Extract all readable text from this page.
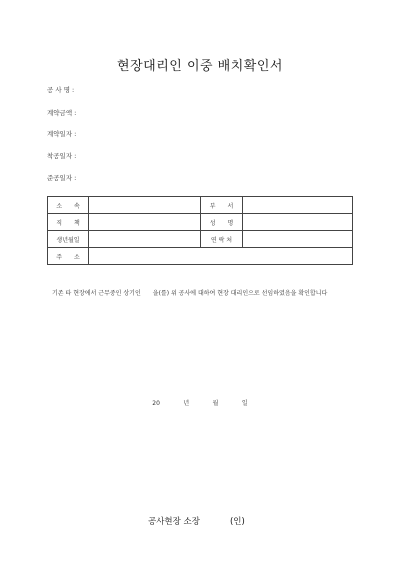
현장대리인 이중 배치확인서
공 사 명 :
계약금액 :
계약일자 :
착공일자 :
준공일자 :
소　　속		부　　서	
직　　책		성　　명	
생년월일		연 락 처	
주　　소			
기존 타 현장에서 근무중인 상기인　　을(를) 위 공사에 대하여 현장 대리인으로 선임하였음을 확인합니다
20	년	월	일
공사현장 소장	(인)
